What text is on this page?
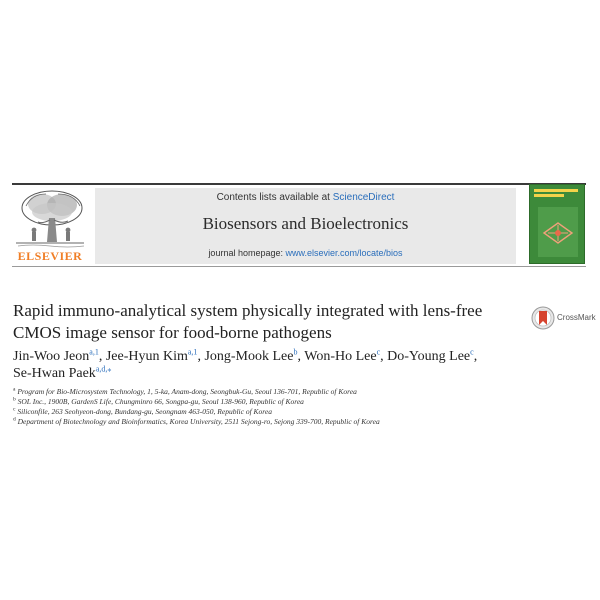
ELSEVIER
Contents lists available at ScienceDirect
Biosensors and Bioelectronics
journal homepage: www.elsevier.com/locate/bios
Rapid immuno-analytical system physically integrated with lens-free
CMOS image sensor for food-borne pathogens
CrossMark
Jin-Woo Jeon$^{a,1}$, Jee-Hyun Kim$^{a,1}$, Jong-Mook Lee$^b$, Won-Ho Lee$^c$, Do-Young Lee$^c$,
Se-Hwan Paek$^{a,d,⁎}$
$^a$ Program for Bio-Microsystem Technology, 1, 5-ka, Anam-dong, Seongbuk-Gu, Seoul 136-701, Republic of Korea
$^b$ SOL Inc., 1900B, GardenS Life, Chungminro 66, Songpa-gu, Seoul 138-960, Republic of Korea
$^c$ Siliconfile, 263 Seohyeon-dong, Bundang-gu, Seongnam 463-050, Republic of Korea
$^d$ Department of Biotechnology and Bioinformatics, Korea University, 2511 Sejong-ro, Sejong 339-700, Republic of Korea
